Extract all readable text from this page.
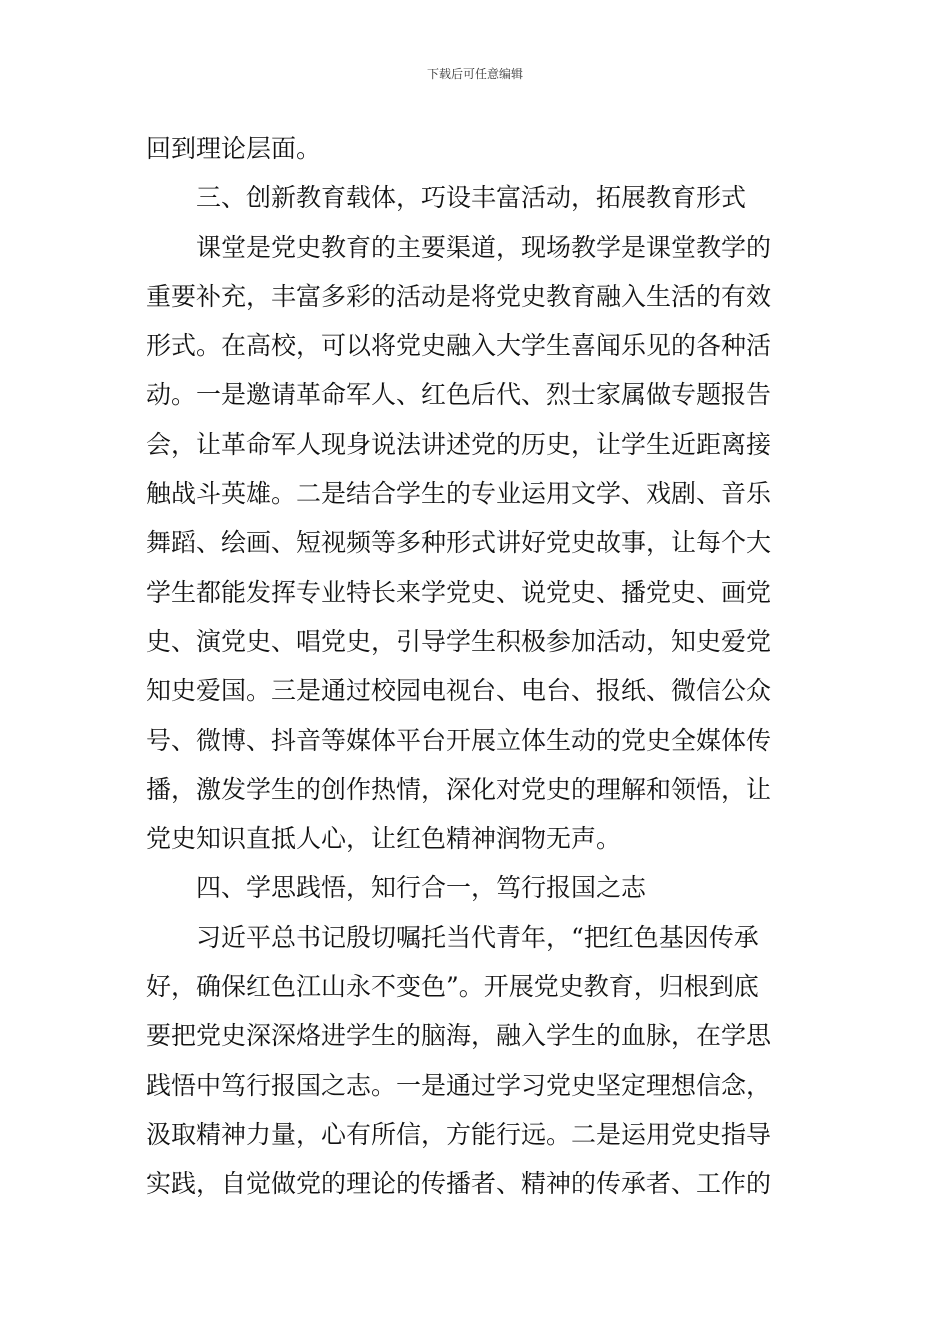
下载后可任意编辑
回到理论层面。
三、创新教育载体，巧设丰富活动，拓展教育形式
课堂是党史教育的主要渠道，现场教学是课堂教学的
重要补充，丰富多彩的活动是将党史教育融入生活的有效
形式。在高校，可以将党史融入大学生喜闻乐见的各种活
动。一是邀请革命军人、红色后代、烈士家属做专题报告
会，让革命军人现身说法讲述党的历史，让学生近距离接
触战斗英雄。二是结合学生的专业运用文学、戏剧、音乐
舞蹈、绘画、短视频等多种形式讲好党史故事，让每个大
学生都能发挥专业特长来学党史、说党史、播党史、画党
史、演党史、唱党史，引导学生积极参加活动，知史爱党
知史爱国。三是通过校园电视台、电台、报纸、微信公众
号、微博、抖音等媒体平台开展立体生动的党史全媒体传
播，激发学生的创作热情，深化对党史的理解和领悟，让
党史知识直抵人心，让红色精神润物无声。
四、学思践悟，知行合一，笃行报国之志
习近平总书记殷切嘱托当代青年，“把红色基因传承
好，确保红色江山永不变色”。开展党史教育，归根到底
要把党史深深烙进学生的脑海，融入学生的血脉，在学思
践悟中笃行报国之志。一是通过学习党史坚定理想信念，
汲取精神力量，心有所信，方能行远。二是运用党史指导
实践，自觉做党的理论的传播者、精神的传承者、工作的
